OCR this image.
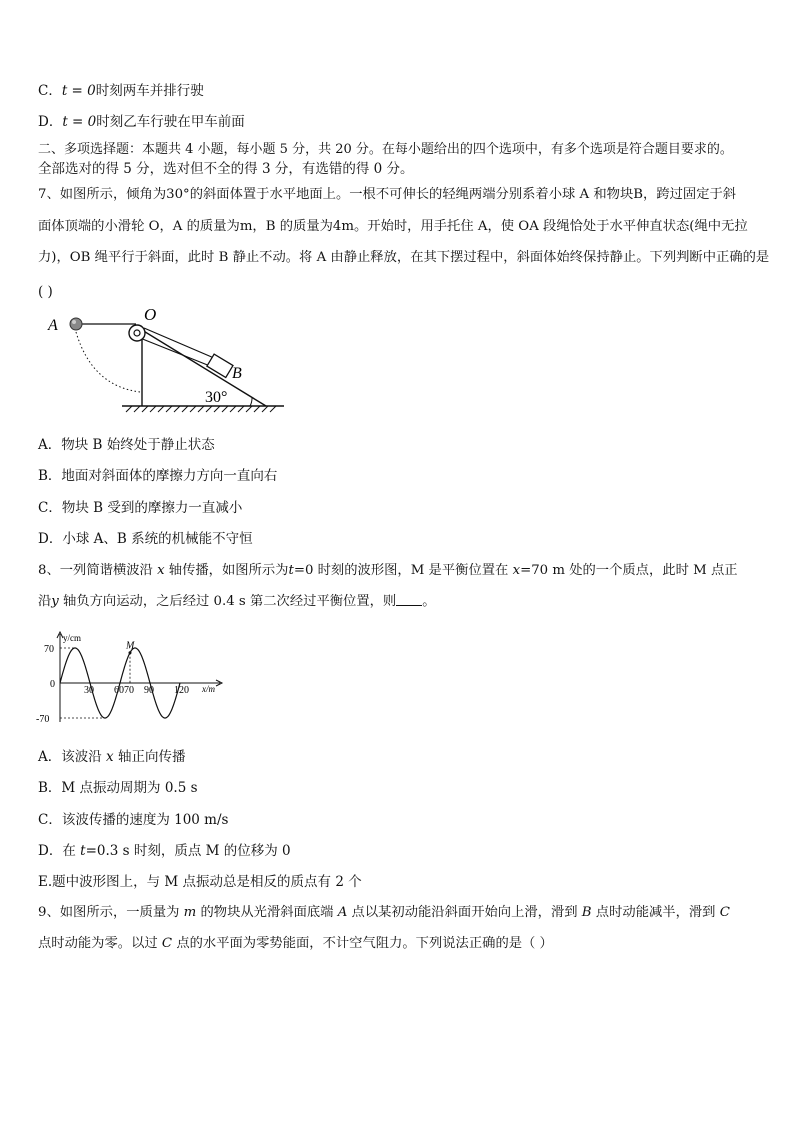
C．t = 0时刻两车并排行驶
D．t = 0时刻乙车行驶在甲车前面
二、多项选择题：本题共 4 小题，每小题 5 分，共 20 分。在每小题给出的四个选项中，有多个选项是符合题目要求的。
全部选对的得 5 分，选对但不全的得 3 分，有选错的得 0 分。
7、如图所示，倾角为30°的斜面体置于水平地面上。一根不可伸长的轻绳两端分别系着小球 A 和物块B，跨过固定于斜
面体顶端的小滑轮 O，A 的质量为m，B 的质量为4m。开始时，用手托住 A，使 OA 段绳恰处于水平伸直状态(绳中无拉
力)，OB 绳平行于斜面，此时 B 静止不动。将 A 由静止释放，在其下摆过程中，斜面体始终保持静止。下列判断中正确的是
( )
A
O
B
30°
A．物块 B 始终处于静止状态
B．地面对斜面体的摩擦力方向一直向右
C．物块 B 受到的摩擦力一直减小
D．小球 A、B 系统的机械能不守恒
8、一列简谐横波沿 x 轴传播，如图所示为t=0 时刻的波形图，M 是平衡位置在 x=70 m 处的一个质点，此时 M 点正
沿y 轴负方向运动，之后经过 0.4 s 第二次经过平衡位置，则 。
y/cm
x/m
70
0
-70
30 60 70 90 120
M
A．该波沿 x 轴正向传播
B．M 点振动周期为 0.5 s
C．该波传播的速度为 100 m/s
D．在 t=0.3 s 时刻，质点 M 的位移为 0
E.题中波形图上，与 M 点振动总是相反的质点有 2 个
9、如图所示，一质量为 m 的物块从光滑斜面底端 A 点以某初动能沿斜面开始向上滑，滑到 B 点时动能减半，滑到 C
点时动能为零。以过 C 点的水平面为零势能面，不计空气阻力。下列说法正确的是（ ）
